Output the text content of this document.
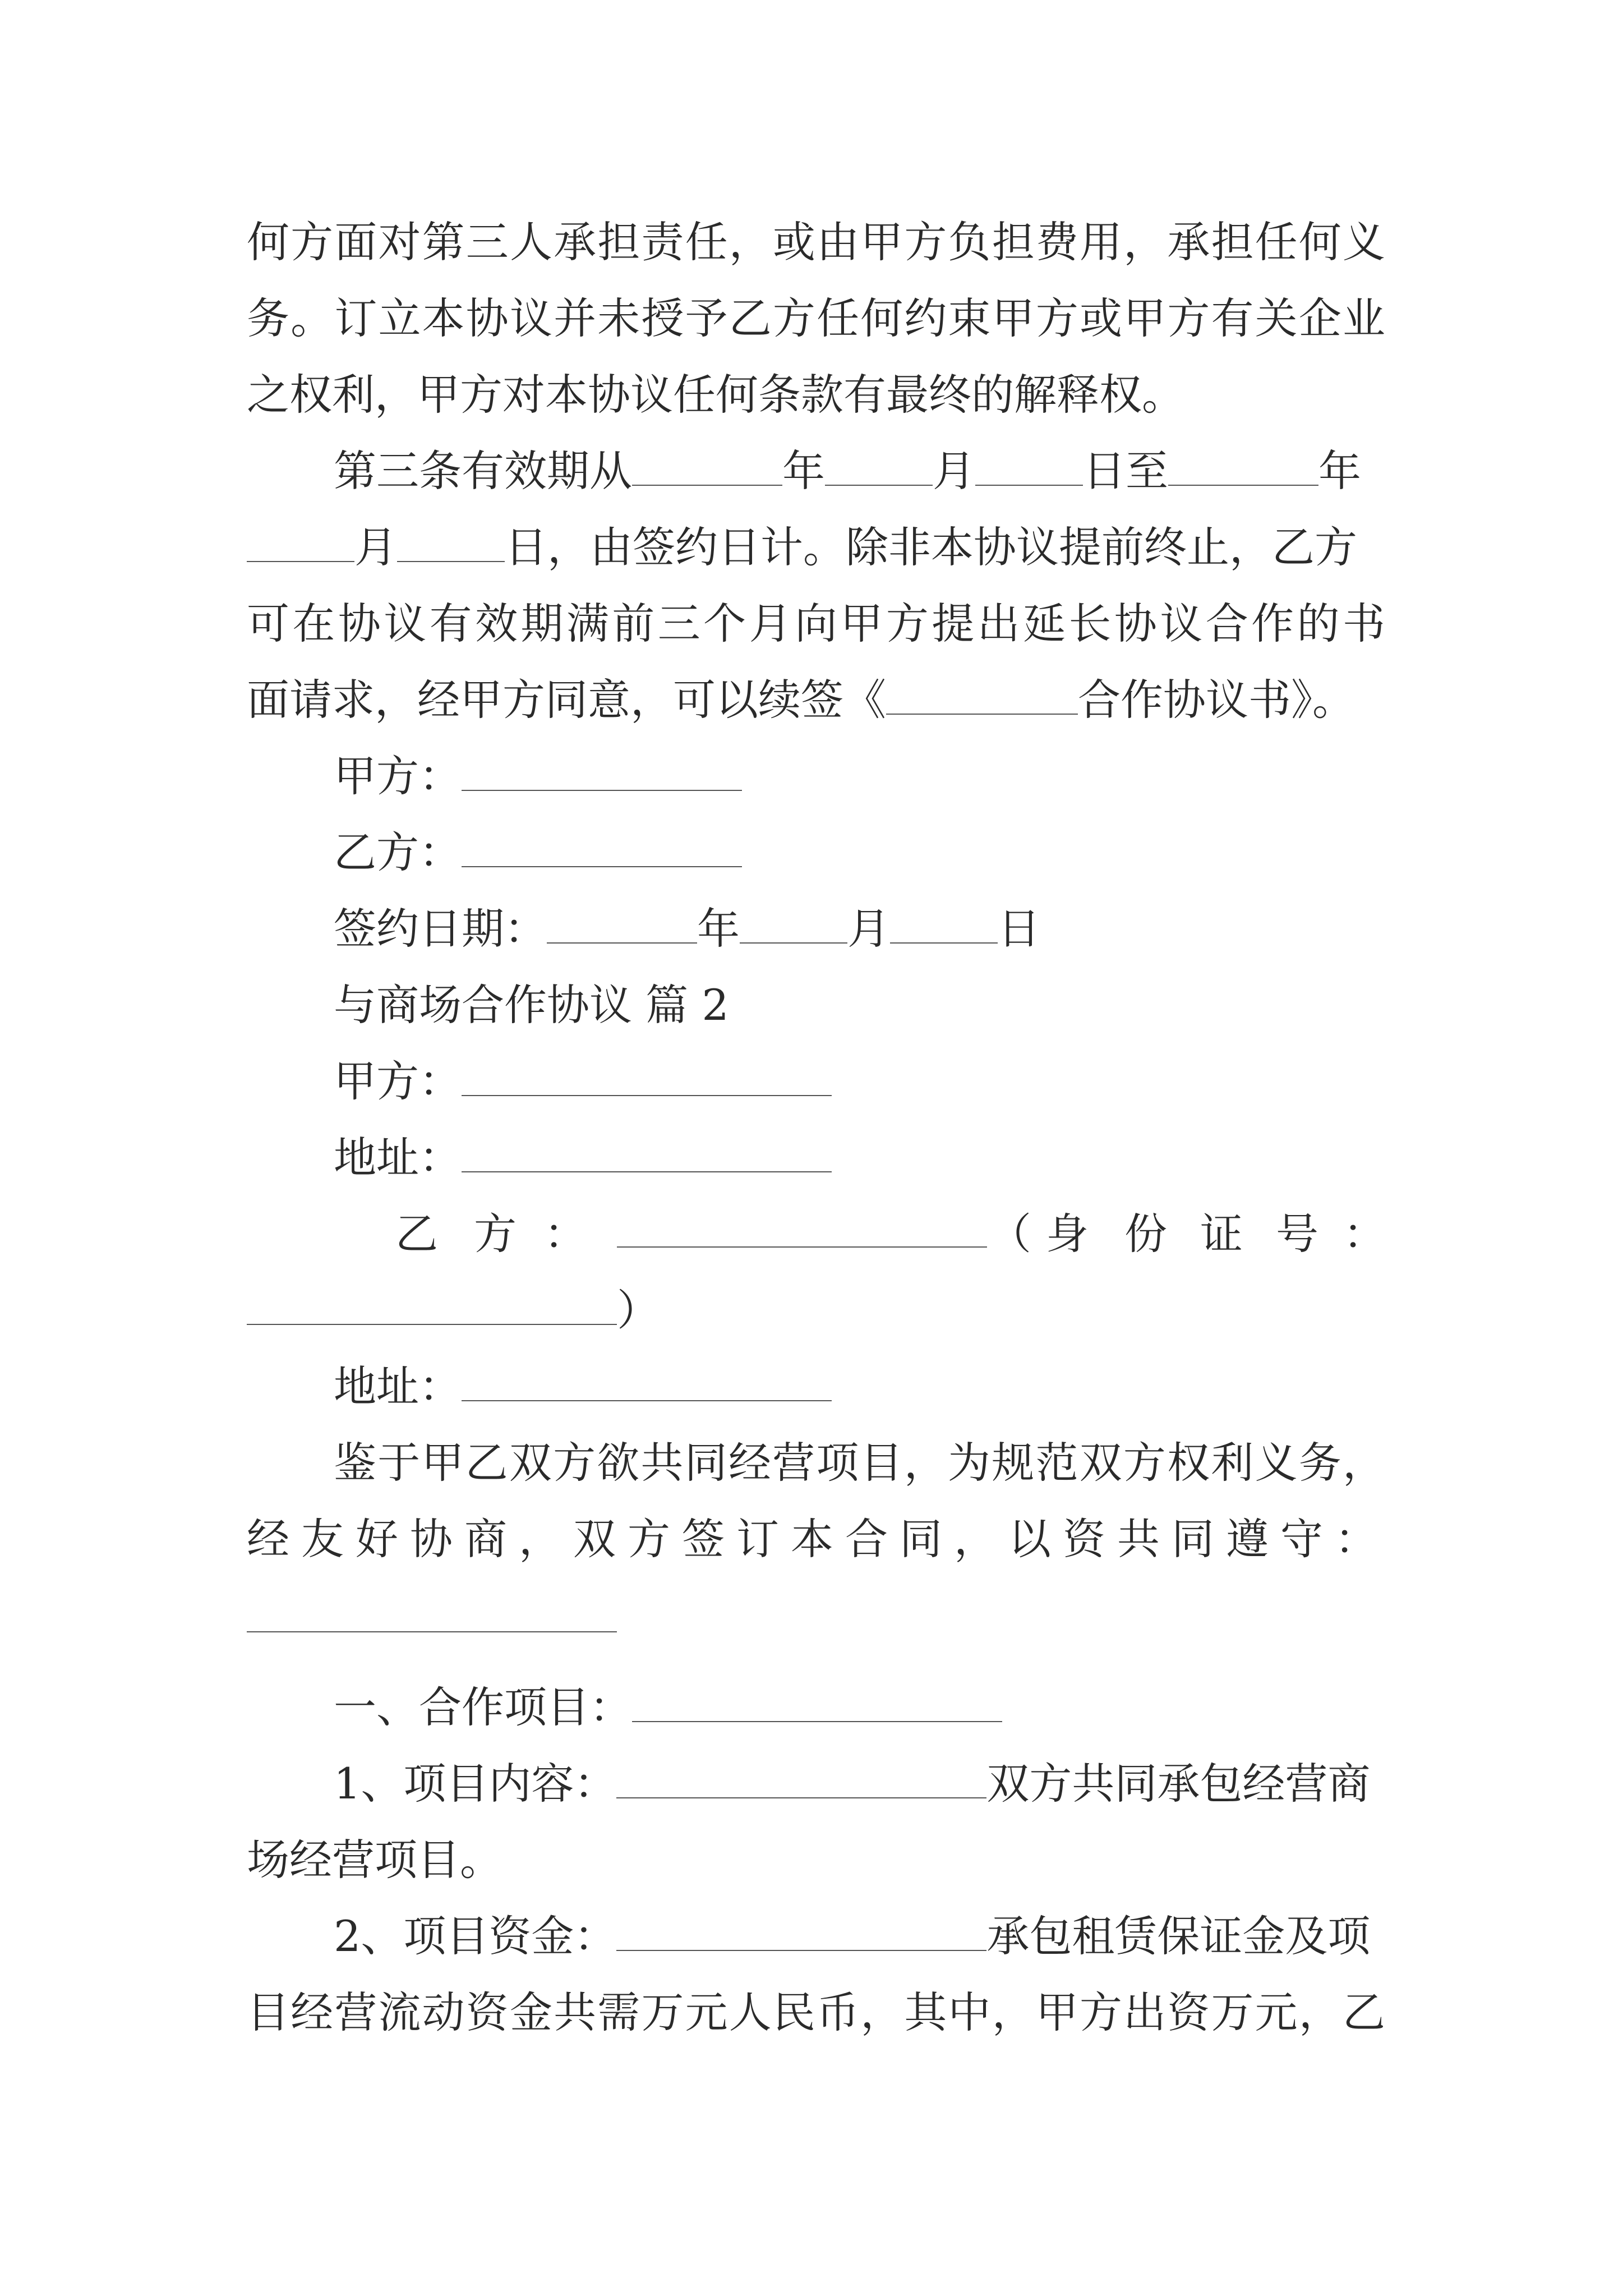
何方面对第三人承担责任，或由甲方负担费用，承担任何义
务。订立本协议并未授予乙方任何约束甲方或甲方有关企业
之权利，甲方对本协议任何条款有最终的解释权。
第三条有效期从	年	月	日至	年
月	日，由签约日计。除非本协议提前终止，乙方
可在协议有效期满前三个月向甲方提出延长协议合作的书
面请求，经甲方同意，可以续签《	合作协议书》。
甲方：
乙方：
签约日期：	年	月	日
与商场合作协议 篇 2
甲方：
地址：
乙 方 ：	（ 身 份 证 号 ：
）
地址：
鉴于甲乙双方欲共同经营项目，为规范双方权利义务，
经 友 好 协 商 ， 双 方 签 订 本 合 同 ， 以 资 共 同 遵 守 ：
一、合作项目：
1、项目内容：	双方共同承包经营商
场经营项目。
2、项目资金：	承包租赁保证金及项
目经营流动资金共需万元人民币，其中，甲方出资万元，乙
